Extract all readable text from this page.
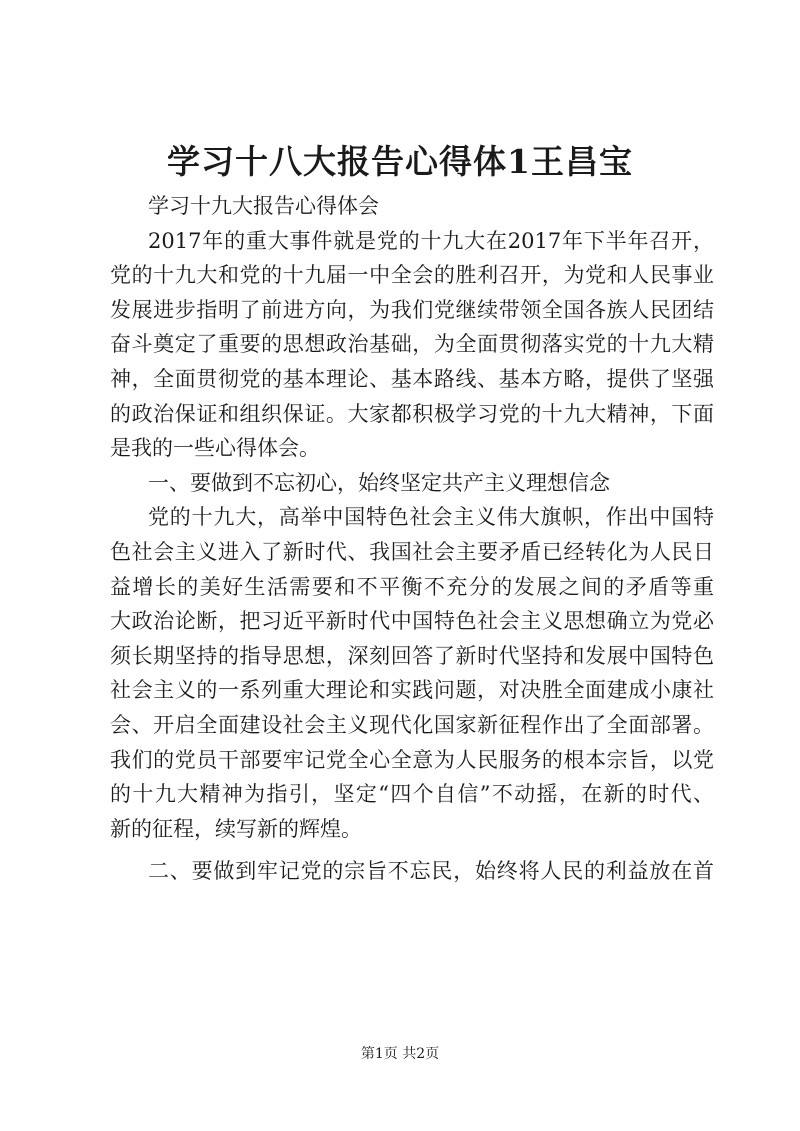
学习十八大报告心得体1王昌宝
学习十九大报告心得体会
2017年的重大事件就是党的十九大在2017年下半年召开，
党的十九大和党的十九届一中全会的胜利召开，为党和人民事业
发展进步指明了前进方向，为我们党继续带领全国各族人民团结
奋斗奠定了重要的思想政治基础，为全面贯彻落实党的十九大精
神，全面贯彻党的基本理论、基本路线、基本方略，提供了坚强
的政治保证和组织保证。大家都积极学习党的十九大精神，下面
是我的一些心得体会。
一、要做到不忘初心，始终坚定共产主义理想信念
党的十九大，高举中国特色社会主义伟大旗帜，作出中国特
色社会主义进入了新时代、我国社会主要矛盾已经转化为人民日
益增长的美好生活需要和不平衡不充分的发展之间的矛盾等重
大政治论断，把习近平新时代中国特色社会主义思想确立为党必
须长期坚持的指导思想，深刻回答了新时代坚持和发展中国特色
社会主义的一系列重大理论和实践问题，对决胜全面建成小康社
会、开启全面建设社会主义现代化国家新征程作出了全面部署。
我们的党员干部要牢记党全心全意为人民服务的根本宗旨，以党
的十九大精神为指引，坚定“四个自信”不动摇，在新的时代、
新的征程，续写新的辉煌。
二、要做到牢记党的宗旨不忘民，始终将人民的利益放在首
第1页 共2页
